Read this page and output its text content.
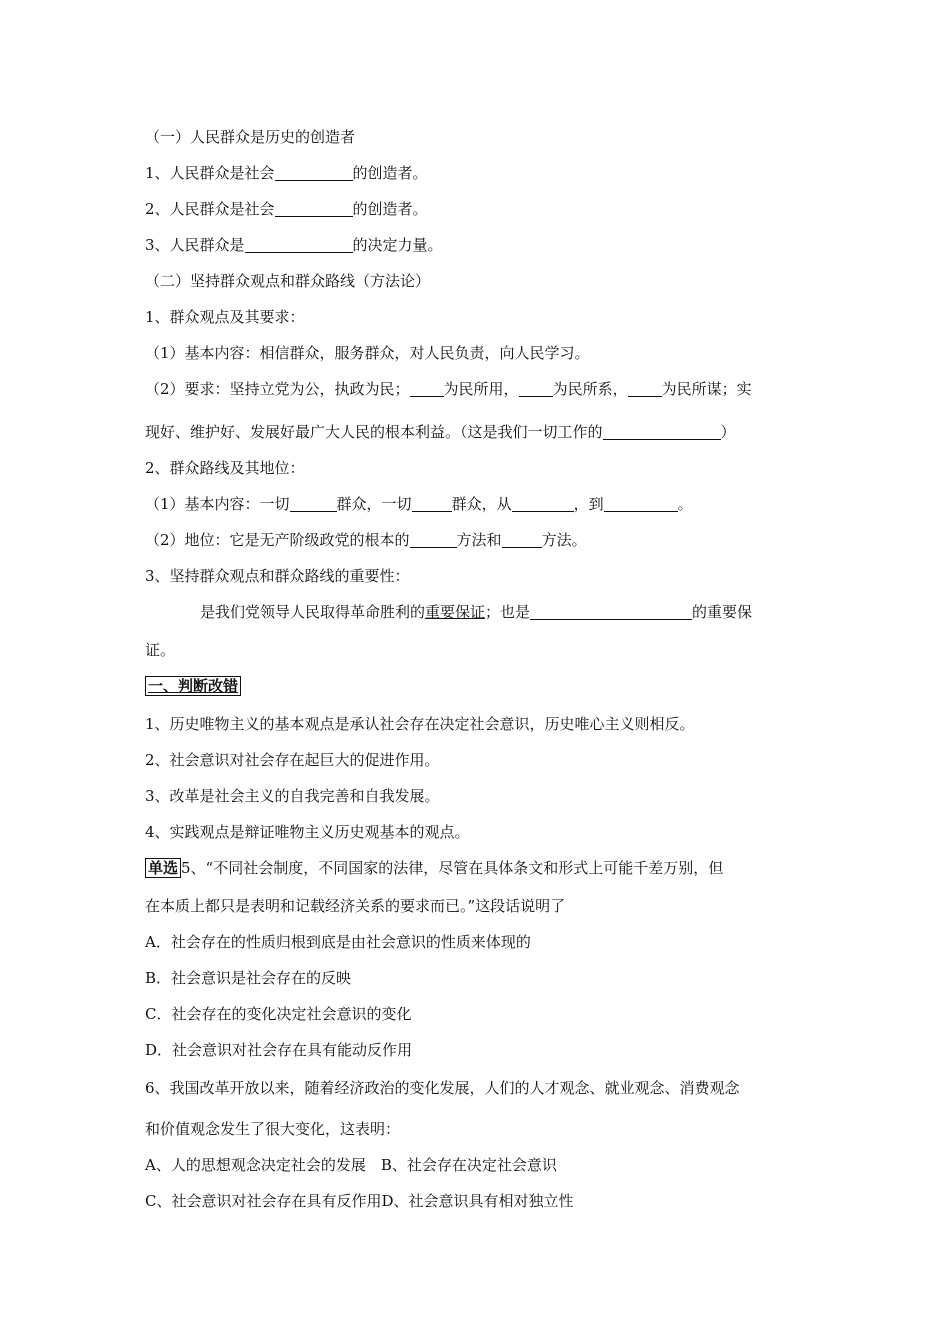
（一）人民群众是历史的创造者
1、人民群众是社会	的创造者。
2、人民群众是社会	的创造者。
3、人民群众是	的决定力量。
（二）坚持群众观点和群众路线（方法论）
1、群众观点及其要求：
（1）基本内容：相信群众，服务群众，对人民负责，向人民学习。
（2）要求：坚持立党为公，执政为民； 为民所用， 为民所系， 为民所谋；实
现好、维护好、发展好最广大人民的根本利益。（这是我们一切工作的	）
2、群众路线及其地位：
（1）基本内容：一切	群众，一切	群众，从	，到	。
（2）地位：它是无产阶级政党的根本的	方法和	方法。
3、坚持群众观点和群众路线的重要性：
是我们党领导人民取得革命胜利的重要保证；也是	的重要保
证。
一、判断改错
1、历史唯物主义的基本观点是承认社会存在决定社会意识，历史唯心主义则相反。
2、社会意识对社会存在起巨大的促进作用。
3、改革是社会主义的自我完善和自我发展。
4、实践观点是辩证唯物主义历史观基本的观点。
单选 5、“不同社会制度，不同国家的法律，尽管在具体条文和形式上可能千差万别，但
在本质上都只是表明和记载经济关系的要求而已。”这段话说明了
A．社会存在的性质归根到底是由社会意识的性质来体现的
B．社会意识是社会存在的反映
C．社会存在的变化决定社会意识的变化
D．社会意识对社会存在具有能动反作用
6、我国改革开放以来，随着经济政治的变化发展，人们的人才观念、就业观念、消费观念
和价值观念发生了很大变化，这表明：
A、人的思想观念决定社会的发展　B、社会存在决定社会意识
C、社会意识对社会存在具有反作用D、社会意识具有相对独立性
